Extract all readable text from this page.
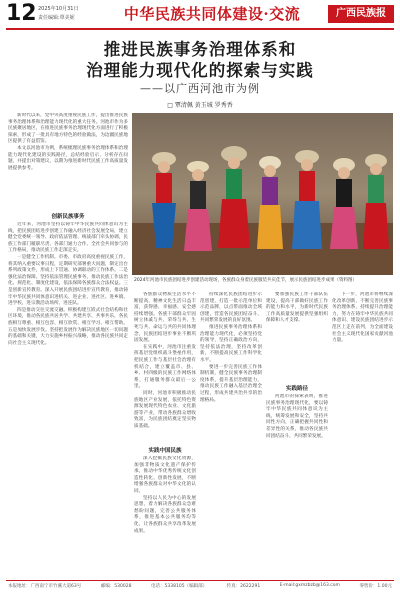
12 2025年10月31日
责任编辑:覃美妮	中华民族共同体建设·交流	广西民族报
推进民族事务治理体系和
治理能力现代化的探索与实践
——以广西河池市为例
□ 覃清佩 黄玉城 罗秀香

新时代以来，党中央高度重视民族工作，提出推进民族事务治理体系和治理能力现代化的重大任务。河池市作为多民族聚居地区，在推进民族事务治理现代化方面进行了积极探索，形成了一批具有地方特色的经验做法，为边疆民族地区提供了有益借鉴。

本文以河池市为例，系统梳理民族事务治理体系和治理能力现代化建设的实践路径，总结经验启示，分析存在问题，并提出对策建议，以期为推进新时代民族工作高质量发展提供参考。

创新民族事务

近年来，河池市坚持以铸牢中华民族共同体意识为主线，把民族团结进步创建工作融入经济社会发展全局，建立健全党委统一领导、政府依法管理、统战部门牵头协调、民族工作部门履职尽责、各部门通力合作、全社会共同参与的工作格局，推动民族工作走深走实。

一是健全工作机制。市委、市政府高度重视民族工作，将其纳入重要议事日程，定期研究部署重大问题，制定出台系列政策文件，形成上下贯通、协调联动的工作体系。二是强化法治保障。坚持依法管理民族事务，推动民族工作法治化、规范化、制度化建设，依法保障各族群众合法权益。三是创新宣传教育。深入开展民族团结进步宣传教育，推动铸牢中华民族共同体意识进机关、进企业、进社区、进乡镇、进学校、进宗教活动场所、进连队。

四是推动交往交流交融。积极构建互嵌式社会结构和社区环境，推动各民族共居共学、共建共享、共事共乐，各民族相互尊重、相互包容、相互欣赏、相互学习、相互帮助。五是加快发展步伐。坚持把发展作为解决民族地区一切问题的基础和关键，大力实施乡村振兴战略，推动各民族共同走向社会主义现代化。

2024年河池市民族团结进步创建活动现场，各族群众身着民族服装共庆佳节，展示民族团结进步成果（资料图）

各族群众物质生活水平不断提高，精神文化生活日益丰富，获得感、幸福感、安全感持续增强。各族干部群众牢固树立休戚与共、荣辱与共、生死与共、命运与共的共同体理念，民族团结进步事业不断巩固发展。

在实践中，河池市注重发挥基层党组织战斗堡垒作用，把民族工作与基层社会治理有机结合，建立覆盖市、县、乡、村四级的民族工作网络体系，打通服务群众最后一公里。

同时，河池市积极推动民族地区产业发展，依托特色资源发展现代特色农业、文化旅游等产业，带动各族群众增收致富，为民族团结奠定坚实物质基础。

实践中国民族

深入挖掘民族文化资源，加强非物质文化遗产保护传承，推动中华优秀传统文化创造性转化、创新性发展，不断增强各族群众对中华文化的认同。

坚持以人民为中心的发展思想，着力解决各族群众急难愁盼问题，完善公共服务体系，推进基本公共服务均等化，让各族群众共享改革发展成果。

持续深化民族团结进步示范创建，打造一批示范单位和示范品牌，以点带面推动全域创建，营造各民族团结奋斗、共同繁荣发展的良好氛围。

推进民族事务治理体系和治理能力现代化，必须坚持党的领导，坚持正确政治方向，坚持依法治理，坚持改革创新，不断提高民族工作科学化水平。

要进一步完善民族工作体制机制，健全民族事务治理制度体系，提升基层治理能力，推动民族工作融入基层治理全过程，形成共建共治共享的治理格局。

实践路径

要加强民族工作干部队伍建设，提高干部做好民族工作的能力和水平，为新时代民族工作高质量发展提供坚强组织保障和人才支撑。

河池市的探索表明，推进民族事务治理现代化，要以铸牢中华民族共同体意识为主线，统筹发展和安全，坚持共同性方向，正确把握共同性和差异性的关系，推动各民族共同团结奋斗、共同繁荣发展。

下一步，河池市将继续深化改革创新，不断完善民族事务治理体系，持续提升治理能力，努力在铸牢中华民族共同体意识、建设民族团结进步示范区上走在前列，为全面建设社会主义现代化国家贡献河池力量。

本报地址：广西南宁市竹溪大道63号	邮编：530028	电话：5338105（编辑部）	传真：2622291	E-mail:gxmzbzb@163.com	零售价：1.00元
